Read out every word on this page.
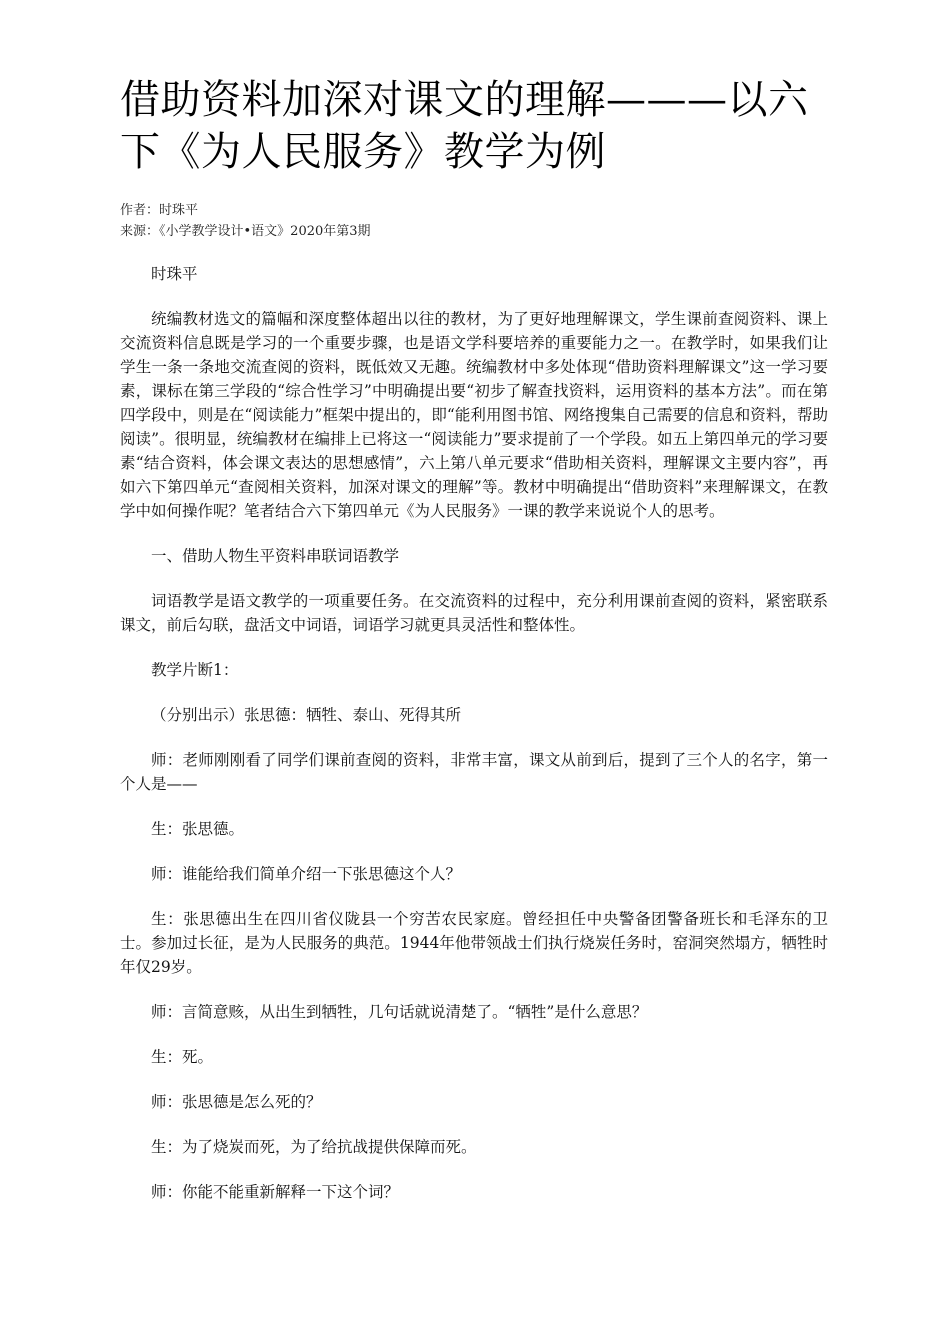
借助资料加深对课文的理解———以六下《为人民服务》教学为例
作者：时珠平
来源：《小学教学设计•语文》2020年第3期

时珠平

统编教材选文的篇幅和深度整体超出以往的教材，为了更好地理解课文，学生课前查阅资料、课上交流资料信息既是学习的一个重要步骤，也是语文学科要培养的重要能力之一。在教学时，如果我们让学生一条一条地交流查阅的资料，既低效又无趣。统编教材中多处体现“借助资料理解课文”这一学习要素，课标在第三学段的“综合性学习”中明确提出要“初步了解查找资料，运用资料的基本方法”。而在第四学段中，则是在“阅读能力”框架中提出的，即“能利用图书馆、网络搜集自己需要的信息和资料，帮助阅读”。很明显，统编教材在编排上已将这一“阅读能力”要求提前了一个学段。如五上第四单元的学习要素“结合资料，体会课文表达的思想感情”，六上第八单元要求“借助相关资料，理解课文主要内容”，再如六下第四单元“查阅相关资料，加深对课文的理解”等。教材中明确提出“借助资料”来理解课文，在教学中如何操作呢？笔者结合六下第四单元《为人民服务》一课的教学来说说个人的思考。

一、借助人物生平资料串联词语教学

词语教学是语文教学的一项重要任务。在交流资料的过程中，充分利用课前查阅的资料，紧密联系课文，前后勾联，盘活文中词语，词语学习就更具灵活性和整体性。

教学片断1：

（分别出示）张思德：牺牲、泰山、死得其所

师：老师刚刚看了同学们课前查阅的资料，非常丰富，课文从前到后，提到了三个人的名字，第一个人是——

生：张思德。

师：谁能给我们简单介绍一下张思德这个人？

生：张思德出生在四川省仪陇县一个穷苦农民家庭。曾经担任中央警备团警备班长和毛泽东的卫士。参加过长征，是为人民服务的典范。1944年他带领战士们执行烧炭任务时，窑洞突然塌方，牺牲时年仅29岁。

师：言简意赅，从出生到牺牲，几句话就说清楚了。“牺牲”是什么意思？

生：死。

师：张思德是怎么死的？

生：为了烧炭而死，为了给抗战提供保障而死。

师：你能不能重新解释一下这个词？
